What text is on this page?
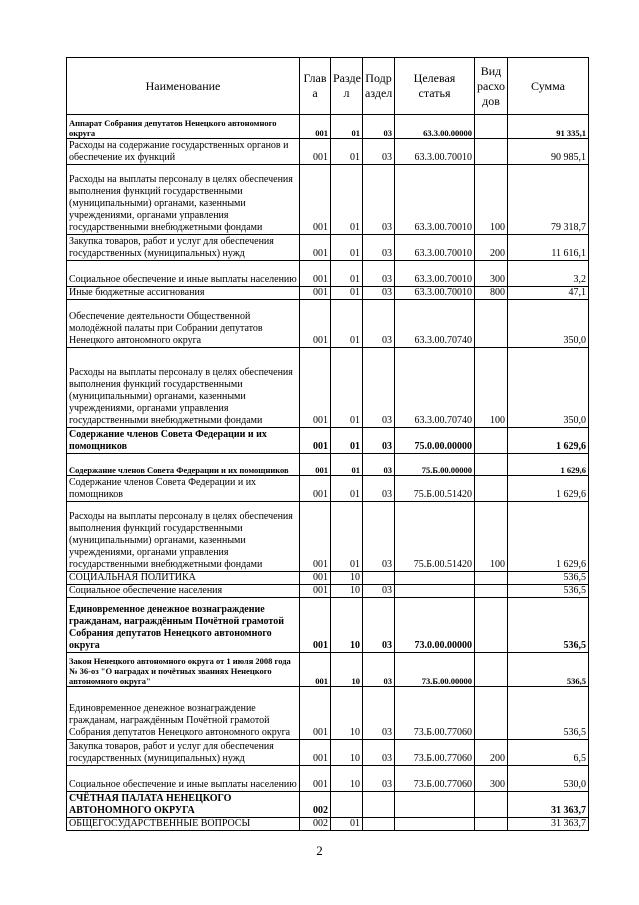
Наименование	Глав а	Разде л	Подр аздел	Целевая статья	Вид расхо дов	Сумма
Аппарат Собрания депутатов Ненецкого автономного округа	001	01	03	63.3.00.00000		91 335,1
Расходы на содержание государственных органов и обеспечение их функций	001	01	03	63.3.00.70010		90 985,1
Расходы на выплаты персоналу в целях обеспечения выполнения функций государственными (муниципальными) органами, казенными учреждениями, органами управления государственными внебюджетными фондами	001	01	03	63.3.00.70010	100	79 318,7
Закупка товаров, работ и услуг для обеспечения государственных (муниципальных) нужд	001	01	03	63.3.00.70010	200	11 616,1
Социальное обеспечение и иные выплаты населению	001	01	03	63.3.00.70010	300	3,2
Иные бюджетные ассигнования	001	01	03	63.3.00.70010	800	47,1
Обеспечение деятельности Общественной молодёжной палаты при Собрании депутатов Ненецкого автономного округа	001	01	03	63.3.00.70740		350,0
Расходы на выплаты персоналу в целях обеспечения выполнения функций государственными (муниципальными) органами, казенными учреждениями, органами управления государственными внебюджетными фондами	001	01	03	63.3.00.70740	100	350,0
Содержание членов Совета Федерации и их помощников	001	01	03	75.0.00.00000		1 629,6
Содержание членов Совета Федерации и их помощников	001	01	03	75.Б.00.00000		1 629,6
Содержание членов Совета Федерации и их помощников	001	01	03	75.Б.00.51420		1 629,6
Расходы на выплаты персоналу в целях обеспечения выполнения функций государственными (муниципальными) органами, казенными учреждениями, органами управления государственными внебюджетными фондами	001	01	03	75.Б.00.51420	100	1 629,6
СОЦИАЛЬНАЯ ПОЛИТИКА	001	10				536,5
Социальное обеспечение населения	001	10	03			536,5
Единовременное денежное вознаграждение гражданам, награждённым Почётной грамотой Собрания депутатов Ненецкого автономного округа	001	10	03	73.0.00.00000		536,5
Закон Ненецкого автономного округа от 1 июля 2008 года № 36-оз "О наградах и почётных званиях Ненецкого автономного округа"	001	10	03	73.Б.00.00000		536,5
Единовременное денежное вознаграждение гражданам, награждённым Почётной грамотой Собрания депутатов Ненецкого автономного округа	001	10	03	73.Б.00.77060		536,5
Закупка товаров, работ и услуг для обеспечения государственных (муниципальных) нужд	001	10	03	73.Б.00.77060	200	6,5
Социальное обеспечение и иные выплаты населению	001	10	03	73.Б.00.77060	300	530,0
СЧЁТНАЯ ПАЛАТА НЕНЕЦКОГО АВТОНОМНОГО ОКРУГА	002					31 363,7
ОБЩЕГОСУДАРСТВЕННЫЕ ВОПРОСЫ	002	01				31 363,7
2
